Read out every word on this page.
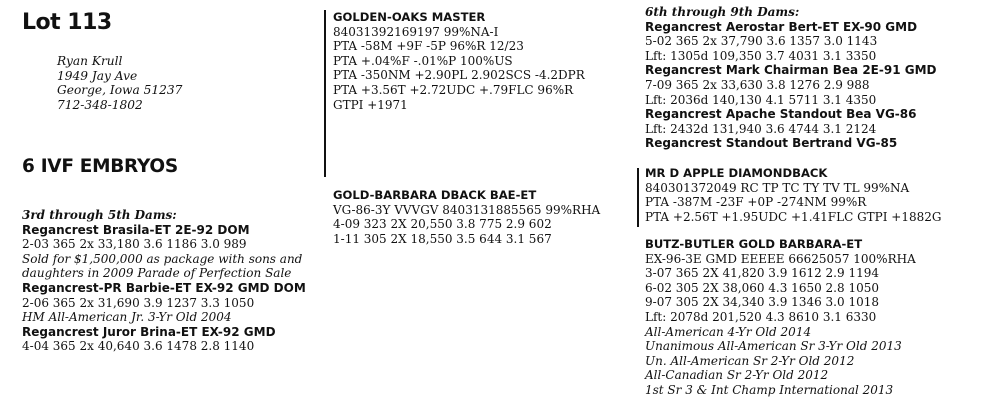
Lot 113
Ryan Krull
1949 Jay Ave
George, Iowa 51237
712-348-1802
6 IVF EMBRYOS
3rd through 5th Dams:
Regancrest Brasila-ET 2E-92 DOM
2-03 365 2x 33,180 3.6 1186 3.0 989
Sold for $1,500,000 as package with sons and
daughters in 2009 Parade of Perfection Sale
Regancrest-PR Barbie-ET EX-92 GMD DOM
2-06 365 2x 31,690 3.9 1237 3.3 1050
HM All-American Jr. 3-Yr Old 2004
Regancrest Juror Brina-ET EX-92 GMD
4-04 365 2x 40,640 3.6 1478 2.8 1140
GOLDEN-OAKS MASTER
84031392169197 99%NA-I
PTA -58M +9F -5P 96%R 12/23
PTA +.04%F -.01%P 100%US
PTA -350NM +2.90PL 2.902SCS -4.2DPR
PTA +3.56T +2.72UDC +.79FLC 96%R
GTPI +1971
GOLD-BARBARA DBACK BAE-ET
VG-86-3Y VVVGV 8403131885565 99%RHA
4-09 323 2X 20,550 3.8 775 2.9 602
1-11 305 2X 18,550 3.5 644 3.1 567
6th through 9th Dams:
Regancrest Aerostar Bert-ET EX-90 GMD
5-02 365 2x 37,790 3.6 1357 3.0 1143
Lft: 1305d 109,350 3.7 4031 3.1 3350
Regancrest Mark Chairman Bea 2E-91 GMD
7-09 365 2x 33,630 3.8 1276 2.9 988
Lft: 2036d 140,130 4.1 5711 3.1 4350
Regancrest Apache Standout Bea VG-86
Lft: 2432d 131,940 3.6 4744 3.1 2124
Regancrest Standout Bertrand VG-85
MR D APPLE DIAMONDBACK
840301372049 RC TP TC TY TV TL 99%NA
PTA -387M -23F +0P -274NM 99%R
PTA +2.56T +1.95UDC +1.41FLC GTPI +1882G
BUTZ-BUTLER GOLD BARBARA-ET
EX-96-3E GMD EEEEE 66625057 100%RHA
3-07 365 2X 41,820 3.9 1612 2.9 1194
6-02 305 2X 38,060 4.3 1650 2.8 1050
9-07 305 2X 34,340 3.9 1346 3.0 1018
Lft: 2078d 201,520 4.3 8610 3.1 6330
All-American 4-Yr Old 2014
Unanimous All-American Sr 3-Yr Old 2013
Un. All-American Sr 2-Yr Old 2012
All-Canadian Sr 2-Yr Old 2012
1st Sr 3 & Int Champ International 2013
